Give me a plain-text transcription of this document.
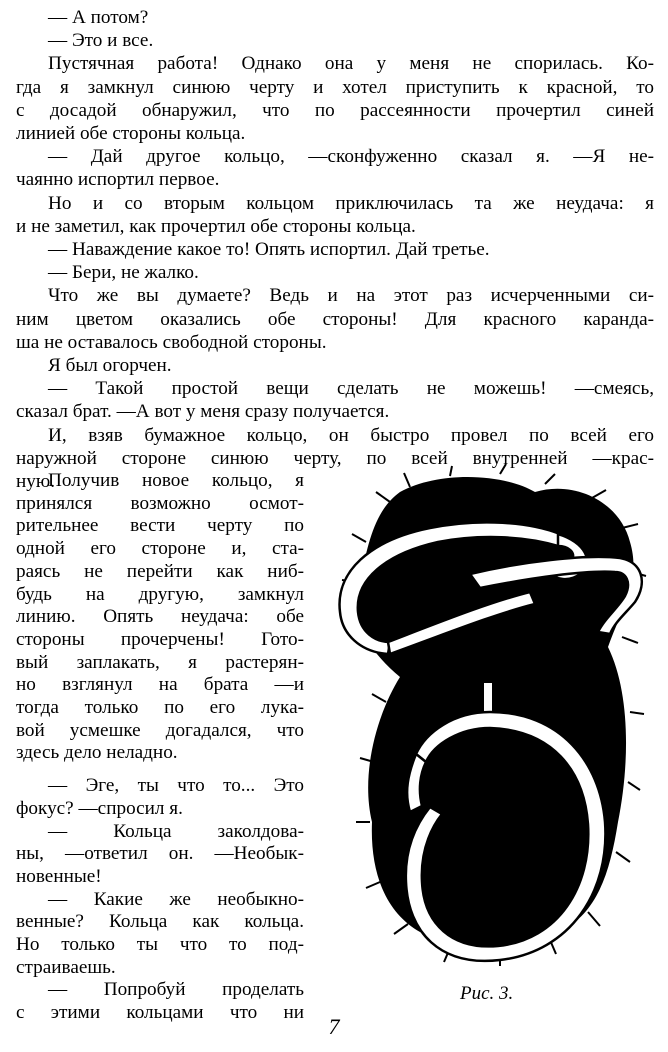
— А потом?

— Это и все.

Пустячная работа! Однако она у меня не спорилась. Ко-

гда я замкнул синюю черту и хотел приступить к красной, то

с досадой обнаружил, что по рассеянности прочертил синей

линией обе стороны кольца.

— Дай другое кольцо, —сконфуженно сказал я. —Я не-

чаянно испортил первое.

Но и со вторым кольцом приключилась та же неудача: я

и не заметил, как прочертил обе стороны кольца.

— Наваждение какое то! Опять испортил. Дай третье.

— Бери, не жалко.

Что же вы думаете? Ведь и на этот раз исчерченными си-

ним цветом оказались обе стороны! Для красного каранда-

ша не оставалось свободной стороны.

Я был огорчен.

— Такой простой вещи сделать не можешь! —смеясь,

сказал брат. —А вот у меня сразу получается.

И, взяв бумажное кольцо, он быстро провел по всей его

наружной стороне синюю черту, по всей внутренней —крас-

ную.

Получив новое кольцо, я

принялся возможно осмот-

рительнее вести черту по

одной его стороне и, ста-

раясь не перейти как ниб-

будь на другую, замкнул

линию. Опять неудача: обе

стороны прочерчены! Гото-

вый заплакать, я растерян-

но взглянул на брата —и

тогда только по его лука-

вой усмешке догадался, что

здесь дело неладно.

— Эге, ты что то... Это

фокус? —спросил я.

— Кольца заколдова-

ны, —ответил он. —Необык-

новенные!

— Какие же необыкно-

венные? Кольца как кольца.

Но только ты что то под-

страиваешь.

— Попробуй проделать

с этими кольцами что ни

Рис. 3.
7
